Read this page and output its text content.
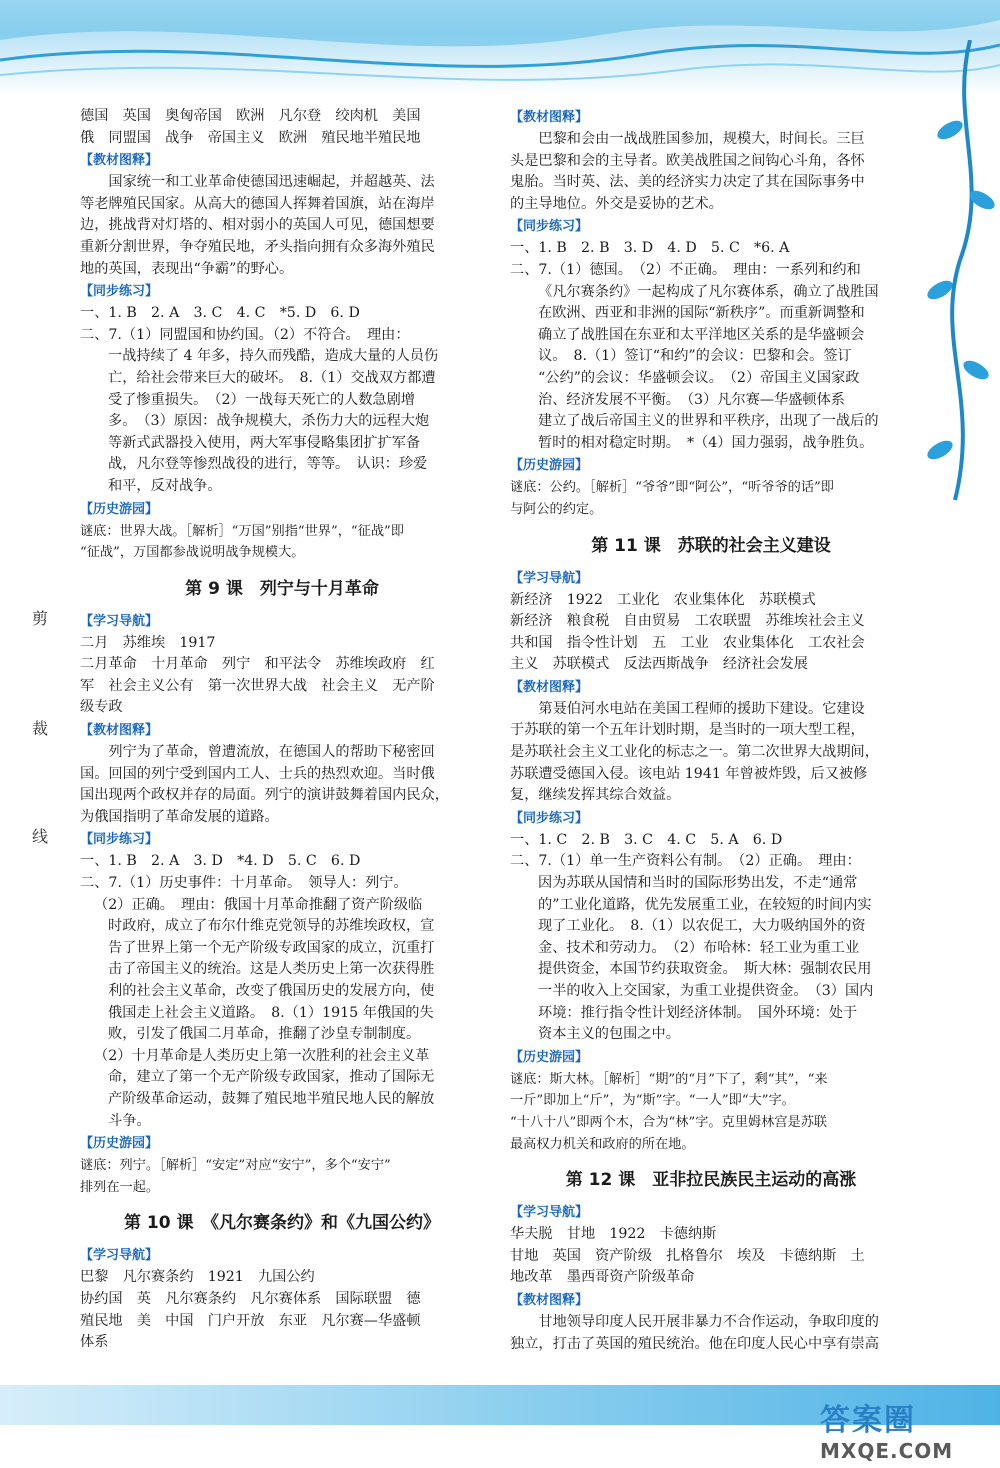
剪
裁
线
德国　英国　奥匈帝国　欧洲　凡尔登　绞肉机　美国
俄　同盟国　战争　帝国主义　欧洲　殖民地半殖民地
【教材图释】
　　国家统一和工业革命使德国迅速崛起，并超越英、法
等老牌殖民国家。从高大的德国人挥舞着国旗，站在海岸
边，挑战背对灯塔的、相对弱小的英国人可见，德国想要
重新分割世界，争夺殖民地，矛头指向拥有众多海外殖民
地的英国，表现出“争霸”的野心。
【同步练习】
一、1. B　2. A　3. C　4. C　*5. D　6. D
二、7.（1）同盟国和协约国。（2）不符合。　理由：
一战持续了 4 年多，持久而残酷，造成大量的人员伤
亡，给社会带来巨大的破坏。　8.（1）交战双方都遭
受了惨重损失。　（2）一战每天死亡的人数急剧增
多。　（3）原因：战争规模大，杀伤力大的远程大炮
等新式武器投入使用，两大军事侵略集团扩扩军备
战，凡尔登等惨烈战役的进行，等等。　认识：珍爱
和平，反对战争。
【历史游园】
谜底：世界大战。［解析］“万国”别指“世界”，“征战”即
“征战”，万国都参战说明战争规模大。
第 9 课　列宁与十月革命
【学习导航】
二月　苏维埃　1917
二月革命　十月革命　列宁　和平法令　苏维埃政府　红
军　社会主义公有　第一次世界大战　社会主义　无产阶
级专政
【教材图释】
　　列宁为了革命，曾遭流放，在德国人的帮助下秘密回
国。回国的列宁受到国内工人、士兵的热烈欢迎。当时俄
国出现两个政权并存的局面。列宁的演讲鼓舞着国内民众，
为俄国指明了革命发展的道路。
【同步练习】
一、1. B　2. A　3. D　*4. D　5. C　6. D
二、7.（1）历史事件：十月革命。　领导人：列宁。
（2）正确。　理由：俄国十月革命推翻了资产阶级临
时政府，成立了布尔什维克党领导的苏维埃政权，宣
告了世界上第一个无产阶级专政国家的成立，沉重打
击了帝国主义的统治。这是人类历史上第一次获得胜
利的社会主义革命，改变了俄国历史的发展方向，使
俄国走上社会主义道路。　8.（1）1915 年俄国的失
败，引发了俄国二月革命，推翻了沙皇专制制度。
（2）十月革命是人类历史上第一次胜利的社会主义革
命，建立了第一个无产阶级专政国家，推动了国际无
产阶级革命运动，鼓舞了殖民地半殖民地人民的解放
斗争。
【历史游园】
谜底：列宁。［解析］“安定”对应“安宁”，多个“安宁”
排列在一起。
第 10 课　《凡尔赛条约》和《九国公约》
【学习导航】
巴黎　凡尔赛条约　1921　九国公约
协约国　英　凡尔赛条约　凡尔赛体系　国际联盟　德
殖民地　美　中国　门户开放　东亚　凡尔赛—华盛顿
体系
【教材图释】
　　巴黎和会由一战战胜国参加，规模大，时间长。三巨
头是巴黎和会的主导者。欧美战胜国之间钩心斗角，各怀
鬼胎。当时英、法、美的经济实力决定了其在国际事务中
的主导地位。外交是妥协的艺术。
【同步练习】
一、1. B　2. B　3. D　4. D　5. C　*6. A
二、7.（1）德国。　（2）不正确。　理由：一系列和约和
《凡尔赛条约》一起构成了凡尔赛体系，确立了战胜国
在欧洲、西亚和非洲的国际“新秩序”。而重新调整和
确立了战胜国在东亚和太平洋地区关系的是华盛顿会
议。　8.（1）签订“和约”的会议：巴黎和会。签订
“公约”的会议：华盛顿会议。　（2）帝国主义国家政
治、经济发展不平衡。　（3）凡尔赛—华盛顿体系
建立了战后帝国主义的世界和平秩序，出现了一战后的
暂时的相对稳定时期。　*（4）国力强弱，战争胜负。
【历史游园】
谜底：公约。［解析］“爷爷”即“阿公”，“听爷爷的话”即
与阿公的约定。
第 11 课　苏联的社会主义建设
【学习导航】
新经济　1922　工业化　农业集体化　苏联模式
新经济　粮食税　自由贸易　工农联盟　苏维埃社会主义
共和国　指令性计划　五　工业　农业集体化　工农社会
主义　苏联模式　反法西斯战争　经济社会发展
【教材图释】
　　第聂伯河水电站在美国工程师的援助下建设。它建设
于苏联的第一个五年计划时期，是当时的一项大型工程，
是苏联社会主义工业化的标志之一。第二次世界大战期间，
苏联遭受德国入侵。该电站 1941 年曾被炸毁，后又被修
复，继续发挥其综合效益。
【同步练习】
一、1. C　2. B　3. C　4. C　5. A　6. D
二、7.（1）单一生产资料公有制。　（2）正确。　理由：
因为苏联从国情和当时的国际形势出发，不走“通常
的”工业化道路，优先发展重工业，在较短的时间内实
现了工业化。　8.（1）以农促工，大力吸纳国外的资
金、技术和劳动力。　（2）布哈林：轻工业为重工业
提供资金，本国节约获取资金。　斯大林：强制农民用
一半的收入上交国家，为重工业提供资金。　（3）国内
环境：推行指令性计划经济体制。　国外环境：处于
资本主义的包围之中。
【历史游园】
谜底：斯大林。［解析］“期”的“月”下了，剩“其”，“来
一斤”即加上“斤”，为“斯”字。“一人”即“大”字。
“十八十八”即两个木，合为“林”字。克里姆林宫是苏联
最高权力机关和政府的所在地。
第 12 课　亚非拉民族民主运动的高涨
【学习导航】
华夫脱　甘地　1922　卡德纳斯
甘地　英国　资产阶级　扎格鲁尔　埃及　卡德纳斯　土
地改革　墨西哥资产阶级革命
【教材图释】
　　甘地领导印度人民开展非暴力不合作运动，争取印度的
独立，打击了英国的殖民统治。他在印度人民心中享有崇高
答案圈
MXQE.COM
